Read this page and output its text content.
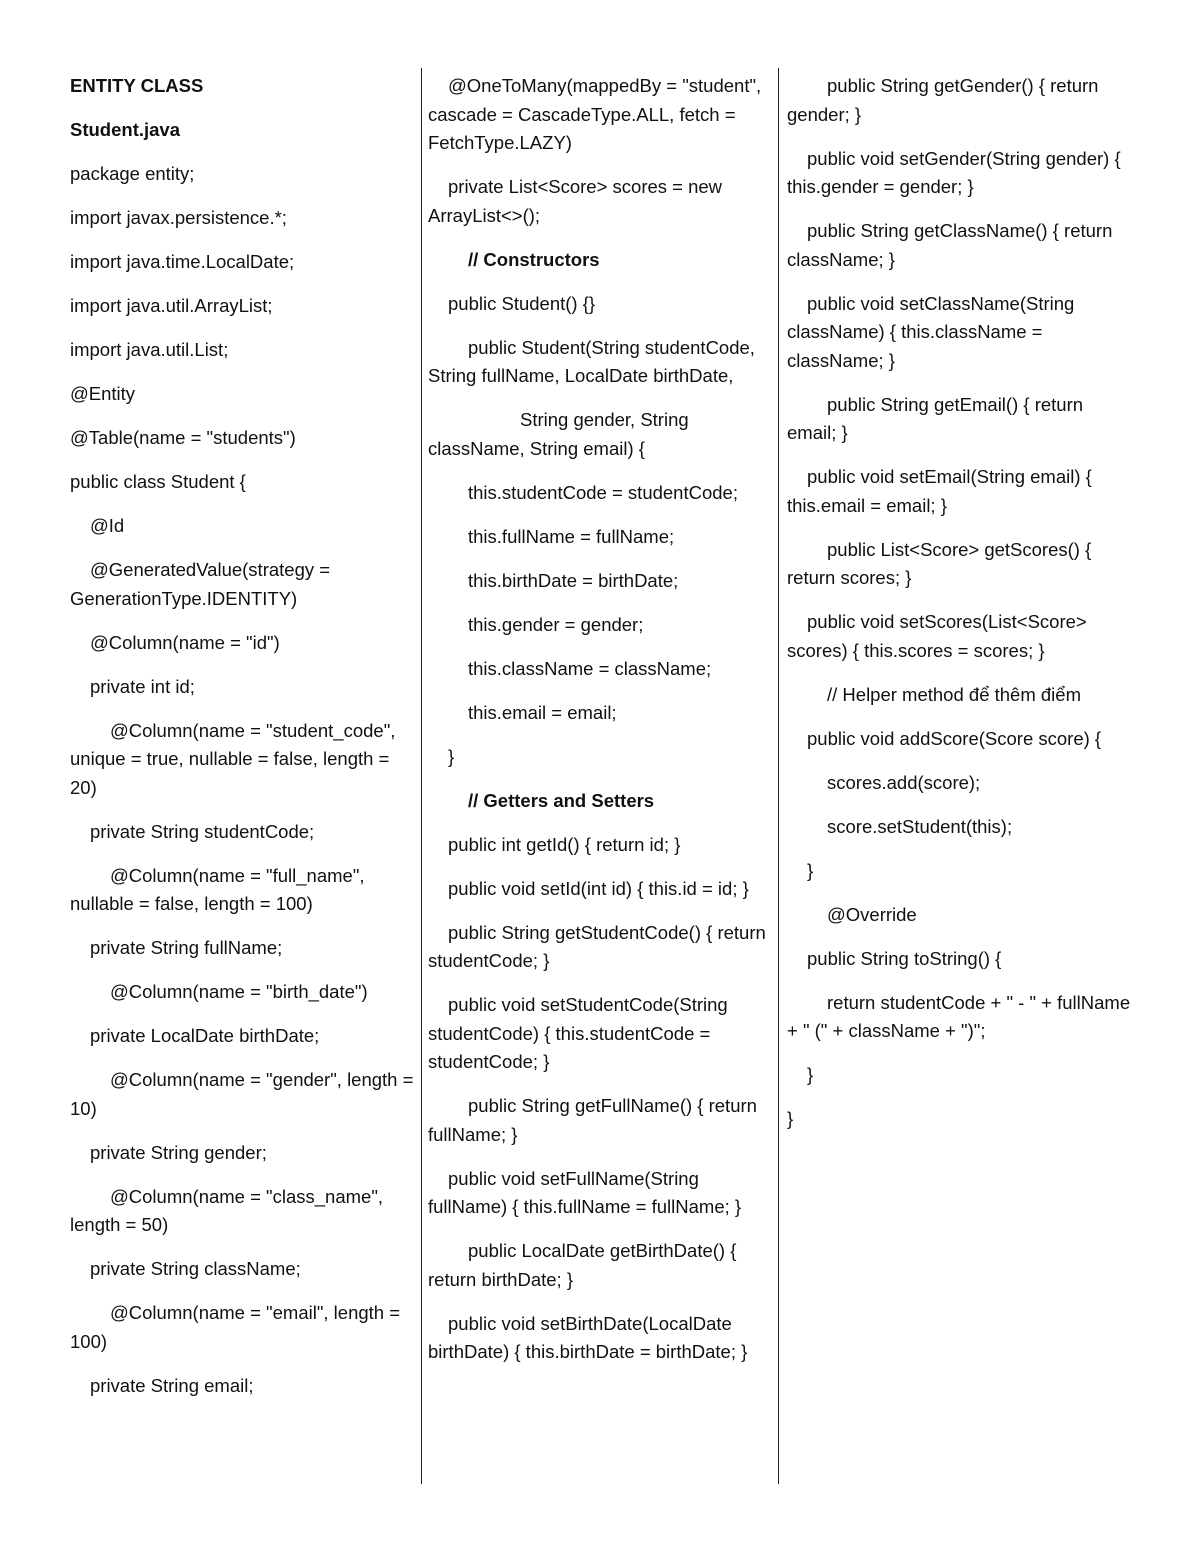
ENTITY CLASS

Student.java

package entity;

import javax.persistence.*;

import java.time.LocalDate;

import java.util.ArrayList;

import java.util.List;

@Entity

@Table(name = "students")

public class Student {

@Id

@GeneratedValue(strategy = GenerationType.IDENTITY)

@Column(name = "id")

private int id;

@Column(name = "student_code", unique = true, nullable = false, length = 20)

private String studentCode;

@Column(name = "full_name", nullable = false, length = 100)

private String fullName;

@Column(name = "birth_date")

private LocalDate birthDate;

@Column(name = "gender", length = 10)

private String gender;

@Column(name = "class_name", length = 50)

private String className;

@Column(name = "email", length = 100)

private String email;

@OneToMany(mappedBy = "student", cascade = CascadeType.ALL, fetch = FetchType.LAZY)

private List<Score> scores = new ArrayList<>();

// Constructors

public Student() {}

public Student(String studentCode, String fullName, LocalDate birthDate,

String gender, String className, String email) {

this.studentCode = studentCode;

this.fullName = fullName;

this.birthDate = birthDate;

this.gender = gender;

this.className = className;

this.email = email;

}

// Getters and Setters

public int getId() { return id; }

public void setId(int id) { this.id = id; }

public String getStudentCode() { return studentCode; }

public void setStudentCode(String studentCode) { this.studentCode = studentCode; }

public String getFullName() { return fullName; }

public void setFullName(String fullName) { this.fullName = fullName; }

public LocalDate getBirthDate() { return birthDate; }

public void setBirthDate(LocalDate birthDate) { this.birthDate = birthDate; }

public String getGender() { return gender; }

public void setGender(String gender) { this.gender = gender; }

public String getClassName() { return className; }

public void setClassName(String className) { this.className = className; }

public String getEmail() { return email; }

public void setEmail(String email) { this.email = email; }

public List<Score> getScores() { return scores; }

public void setScores(List<Score> scores) { this.scores = scores; }

// Helper method để thêm điểm

public void addScore(Score score) {

scores.add(score);

score.setStudent(this);

}

@Override

public String toString() {

return studentCode + " - " + fullName + " (" + className + ")";

}

}
